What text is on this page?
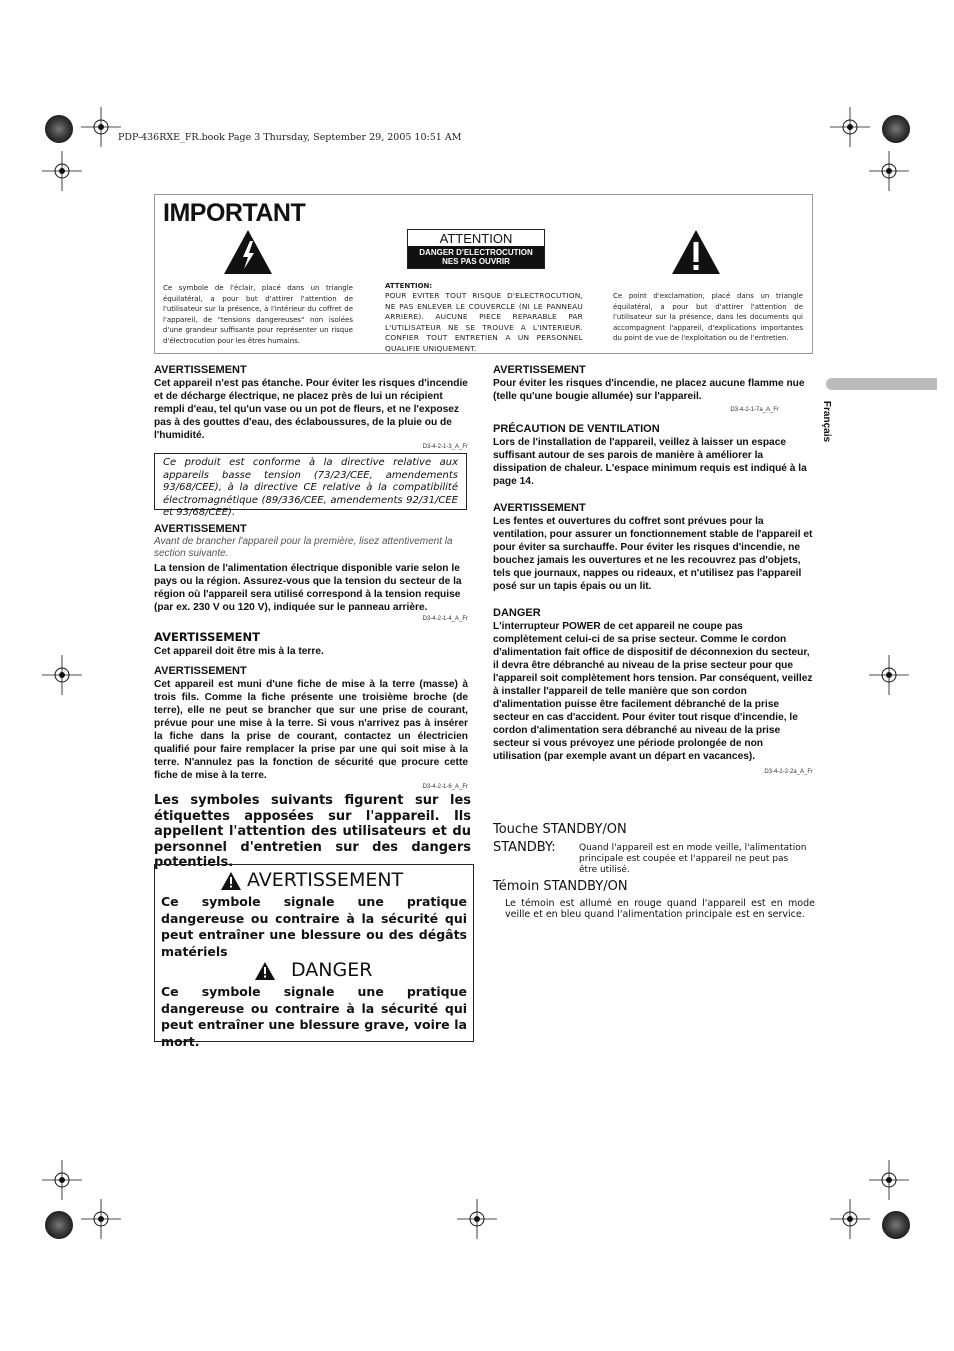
PDP-436RXE_FR.book Page 3 Thursday, September 29, 2005 10:51 AM
IMPORTANT
Ce symbole de l'éclair, placé dans un triangle équilatéral, a pour but d'attirer l'attention de l'utilisateur sur la présence, à l'intérieur du coffret de l'appareil, de "tensions dangereuses" non isolées d'une grandeur suffisante pour représenter un risque d'électrocution pour les êtres humains.
ATTENTION
DANGER D'ELECTROCUTION
NES PAS OUVRIR
ATTENTION:
POUR EVITER TOUT RISQUE D'ELECTROCUTION, NE PAS ENLEVER LE COUVERCLE (NI LE PANNEAU ARRIERE). AUCUNE PIECE REPARABLE PAR L'UTILISATEUR NE SE TROUVE A L'INTERIEUR. CONFIER TOUT ENTRETIEN A UN PERSONNEL QUALIFIE UNIQUEMENT.
Ce point d'exclamation, placé dans un triangle équilatéral, a pour but d'attirer l'attention de l'utilisateur sur la présence, dans les documents qui accompagnent l'appareil, d'explications importantes du point de vue de l'exploitation ou de l'entretien.
Français
AVERTISSEMENT

Cet appareil n'est pas étanche. Pour éviter les risques d'incendie et de décharge électrique, ne placez près de lui un récipient rempli d'eau, tel qu'un vase ou un pot de fleurs, et ne l'exposez pas à des gouttes d'eau, des éclaboussures, de la pluie ou de l'humidité.

D3-4-2-1-3_A_Fr

Ce produit est conforme à la directive relative aux appareils basse tension (73/23/CEE, amendements 93/68/CEE), à la directive CE relative à la compatibilité électromagnétique (89/336/CEE, amendements 92/31/CEE et 93/68/CEE).

AVERTISSEMENT

Avant de brancher l'appareil pour la première, lisez attentivement la section suivante.

La tension de l'alimentation électrique disponible varie selon le pays ou la région. Assurez-vous que la tension du secteur de la région où l'appareil sera utilisé correspond à la tension requise (par ex. 230 V ou 120 V), indiquée sur le panneau arrière.

D3-4-2-1-4_A_Fr

AVERTISSEMENT

Cet appareil doit être mis à la terre.

AVERTISSEMENT

Cet appareil est muni d'une fiche de mise à la terre (masse) à trois fils. Comme la fiche présente une troisième broche (de terre), elle ne peut se brancher que sur une prise de courant, prévue pour une mise à la terre. Si vous n'arrivez pas à insérer la fiche dans la prise de courant, contactez un électricien qualifié pour faire remplacer la prise par une qui soit mise à la terre. N'annulez pas la fonction de sécurité que procure cette fiche de mise à la terre.

D3-4-2-1-6_A_Fr

Les symboles suivants figurent sur les étiquettes apposées sur l'appareil. Ils appellent l'attention des utilisateurs et du personnel d'entretien sur des dangers potentiels.

AVERTISSEMENT
Ce symbole signale une pratique dangereuse ou contraire à la sécurité qui peut entraîner une blessure ou des dégâts matériels
DANGER
Ce symbole signale une pratique dangereuse ou contraire à la sécurité qui peut entraîner une blessure grave, voire la mort.
AVERTISSEMENT

Pour éviter les risques d'incendie, ne placez aucune flamme nue (telle qu'une bougie allumée) sur l'appareil.

D3-4-2-1-7a_A_Fr

PRÉCAUTION DE VENTILATION

Lors de l'installation de l'appareil, veillez à laisser un espace suffisant autour de ses parois de manière à améliorer la dissipation de chaleur. L'espace minimum requis est indiqué à la page 14.

AVERTISSEMENT

Les fentes et ouvertures du coffret sont prévues pour la ventilation, pour assurer un fonctionnement stable de l'appareil et pour éviter sa surchauffe. Pour éviter les risques d'incendie, ne bouchez jamais les ouvertures et ne les recouvrez pas d'objets, tels que journaux, nappes ou rideaux, et n'utilisez pas l'appareil posé sur un tapis épais ou un lit.

DANGER

L'interrupteur POWER de cet appareil ne coupe pas complètement celui-ci de sa prise secteur. Comme le cordon d'alimentation fait office de dispositif de déconnexion du secteur, il devra être débranché au niveau de la prise secteur pour que l'appareil soit complètement hors tension. Par conséquent, veillez à installer l'appareil de telle manière que son cordon d'alimentation puisse être facilement débranché de la prise secteur en cas d'accident. Pour éviter tout risque d'incendie, le cordon d'alimentation sera débranché au niveau de la prise secteur si vous prévoyez une période prolongée de non utilisation (par exemple avant un départ en vacances).

D3-4-2-2-2a_A_Fr

Touche STANDBY/ON

STANDBY:	Quand l'appareil est en mode veille, l'alimentation principale est coupée et l'appareil ne peut pas être utilisé.

Témoin STANDBY/ON

Le témoin est allumé en rouge quand l'appareil est en mode veille et en bleu quand l'alimentation principale est en service.
